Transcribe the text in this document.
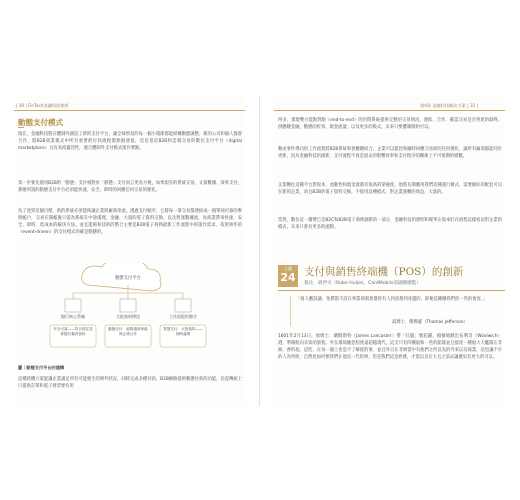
| 30 | FinTech金融科技聖經	第4章 金融科技解決方案 | 31 |
動態支付模式
現在，金融科技將在體制外創造了新的支付平台，讓全球貿易的每一個小環節都能結構動態調整，新的公司和個人都會合作，將B2B商業模式中所有重要的付款流程都無縫連接，這是基於B2B和雲端交易的數位支付平台（digital marketplace）且有高度靈活性，適合體制外支付模式運作要點。
第一步要先使用B2B的「動態」支付相對於「靜態」支付而言更為方便，如果現有的系統交易、文資數據、效率支付，那麼所謂的動態支付平台必須能快速、安全、即時的回應任何交易的變化。
為了達到這個目標，新的系統必須能夠讓企業與廠商串流。透過支付順序，它將每一筆交易都連結成一個單純可靠的參照帳戶，交易在開帳後只需為系統在中途處理，金融、大量的電子資料交換，以及營運數據流，為商業帶來快速、安全，即時、低成本的解決方法。並且能夠和技術的整合主要是B2B電子商務最新工作流程中的運作需求，依照事件的（event-driven）的支付模式的確是動態的。
動態支付平台
銀行核心系統	大批資料傳送	工作流程的整合
安全可靠——符合規定並掌握付費者資料
動態支付：能夠讓商家能與企業合作
智慧支付：大批資料——即時處理
圖｜動態支付平台的建構
這種新體方案能讓企業滿足所有可能發生的例外狀況，同時完成多種付款，B2B網路提供動態付款的功能，比起傳統上只提供訂單和電子發票要有用
得多，實現雙方能點對點（end-to-end）的封閉系統提供完整的交易情況，連結、合作、確認交易是否到達的最終。供應鏈金融，動態的折扣，現金流量，以及更多的模式，未來只要體制開始可以。
動由事件導向的工作流程將B2B系統和供應鏈結合，企業可以監控和隨時回應交易結的任何變化，讓所有廠商都能同步更新，因為金融科技的創新，支付流程不再是過去的影響效率和支付程序的關係上不可預期的變數。
企業轉往這種平台對資本、流動性和現金流都有很高的掌握度，他將長期應用我們這種運行模式，需要做好的配套可以在新的企業，而且B2B的電子資料交換，不採用這種模式，對企業運轉的效益，大量的。
當然，數位這一趨勢已是B2C和B2B電子商務創新的一部分，金融科技的發明和變革在資本貯存流程這樣看法對企業的模式，未來只會有更多的流動。
主題
24 支付與銷售終端機（POS）的創新
魯比．胡伊夫（Rube Huljes，CardMobils前副總總監）
「商人應該讓，免費都不該在事業即刻會覺得有人到意想到身邊的，即便是剛剛我們的一些的會客。」
湯瑪士．傑佛遜（Thomas Jefferson）
1601年2月13日，詹姆士．蘭開斯特（James Lancaster）帶「紅龍」號起錨，搶搶地駛出伍利奇（Woolwich）港，準備航向未知的旅程。外在環境險惡程度遠超越現代，這支只有四艘船和一些的船隊並且抵達一種船大大艦隊在非洲，香料島。這些，在每一個上也是不了解從的事，並且外自在非洲當中有他們之所以先的外來以及商業，這也讓不少的人為所經，自然也如何要我們在他這一代的事，但是我們這是經濟，才能以及在大且之前去讓歷史有更大的可以。
